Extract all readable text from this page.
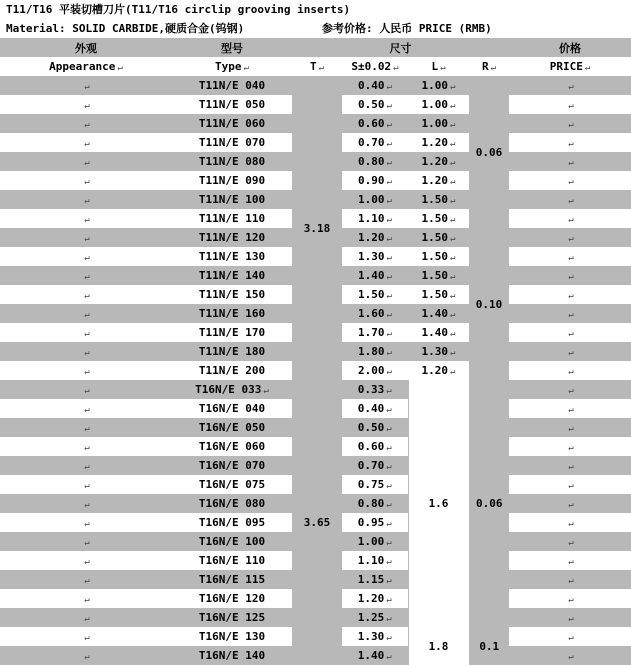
T11/T16 平装切槽刀片(T11/T16 circlip grooving inserts)
Material: SOLID CARBIDE,硬质合金(钨钢)	参考价格: 人民币 PRICE (RMB)
外观	型号	尺寸				价格
Appearance ↵	Type ↵	T ↵	S±0.02 ↵	L ↵	R ↵	PRICE ↵
↵	T11N/E 040	3.18	0.40 ↵	1.00 ↵	0.06	↵
↵	T11N/E 050		0.50 ↵	1.00 ↵		↵
↵	T11N/E 060		0.60 ↵	1.00 ↵		↵
↵	T11N/E 070		0.70 ↵	1.20 ↵		↵
↵	T11N/E 080		0.80 ↵	1.20 ↵		↵
↵	T11N/E 090		0.90 ↵	1.20 ↵		↵
↵	T11N/E 100		1.00 ↵	1.50 ↵		↵
↵	T11N/E 110		1.10 ↵	1.50 ↵		↵
↵	T11N/E 120		1.20 ↵	1.50 ↵	0.10	↵
↵	T11N/E 130		1.30 ↵	1.50 ↵		↵
↵	T11N/E 140		1.40 ↵	1.50 ↵		↵
↵	T11N/E 150		1.50 ↵	1.50 ↵		↵
↵	T11N/E 160		1.60 ↵	1.40 ↵		↵
↵	T11N/E 170		1.70 ↵	1.40 ↵		↵
↵	T11N/E 180		1.80 ↵	1.30 ↵		↵
↵	T11N/E 200		2.00 ↵	1.20 ↵		↵
↵	T16N/E 033 ↵	3.65	0.33 ↵	1.6	0.06	↵
↵	T16N/E 040		0.40 ↵			↵
↵	T16N/E 050		0.50 ↵			↵
↵	T16N/E 060		0.60 ↵			↵
↵	T16N/E 070		0.70 ↵			↵
↵	T16N/E 075		0.75 ↵			↵
↵	T16N/E 080		0.80 ↵			↵
↵	T16N/E 095		0.95 ↵			↵
↵	T16N/E 100		1.00 ↵			↵
↵	T16N/E 110		1.10 ↵			↵
↵	T16N/E 115		1.15 ↵			↵
↵	T16N/E 120		1.20 ↵			↵
↵	T16N/E 125		1.25 ↵			↵
↵	T16N/E 130		1.30 ↵	1.8	0.1	↵
↵	T16N/E 140		1.40 ↵			↵
